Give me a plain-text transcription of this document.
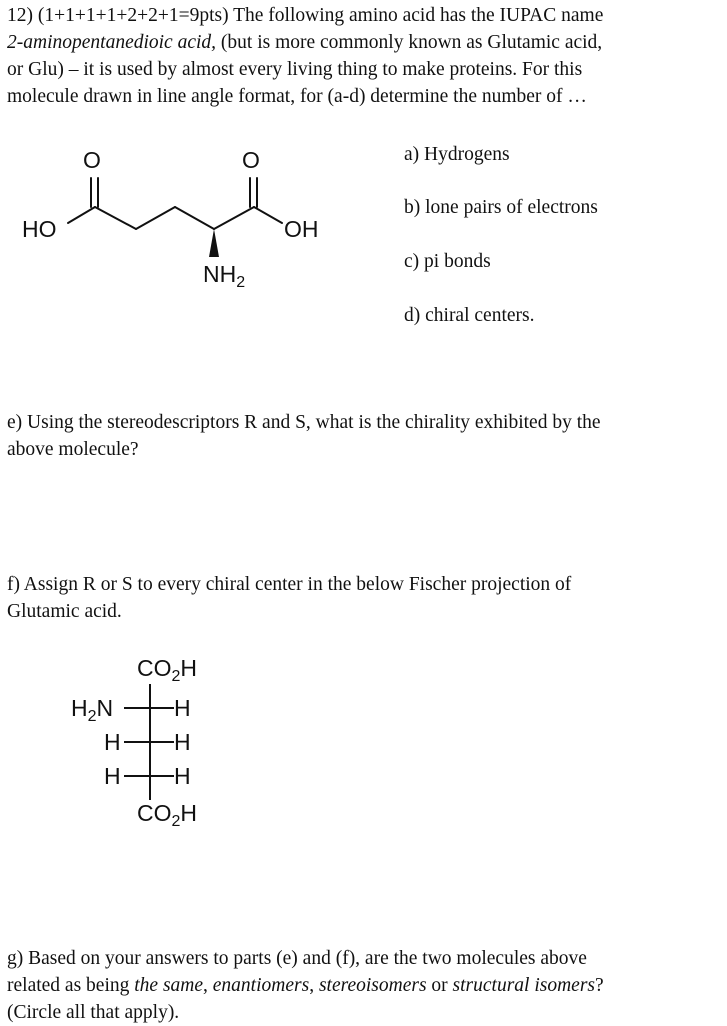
12) (1+1+1+1+2+2+1=9pts) The following amino acid has the IUPAC name
2-aminopentanedioic acid, (but is more commonly known as Glutamic acid,
or Glu) – it is used by almost every living thing to make proteins. For this
molecule drawn in line angle format, for (a-d) determine the number of …
O	O
HO	OH
$NH_2$
a) Hydrogens
b) lone pairs of electrons
c) pi bonds
d) chiral centers.
e) Using the stereodescriptors R and S, what is the chirality exhibited by the
above molecule?
f) Assign R or S to every chiral center in the below Fischer projection of
Glutamic acid.
$CO_2H$
$H_2N$	H
H H
H H
$CO_2H$
g) Based on your answers to parts (e) and (f), are the two molecules above
related as being the same, enantiomers, stereoisomers or structural isomers?
(Circle all that apply).
